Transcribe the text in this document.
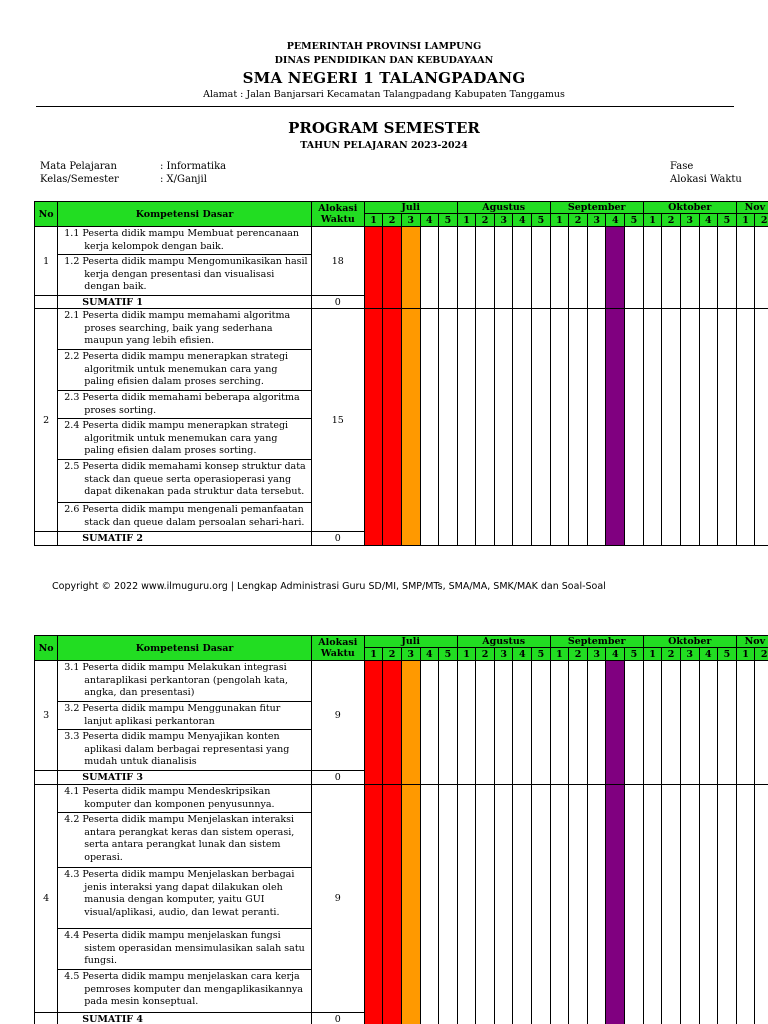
PEMERINTAH PROVINSI LAMPUNG
DINAS PENDIDIKAN DAN KEBUDAYAAN
SMA NEGERI 1 TALANGPADANG
Alamat : Jalan Banjarsari Kecamatan Talangpadang Kabupaten Tanggamus
PROGRAM SEMESTER
TAHUN PELAJARAN 2023-2024
Mata Pelajaran	: Informatika
Kelas/Semester	: X/Ganjil
Fase
Alokasi Waktu
No	Kompetensi Dasar	Alokasi Waktu	Juli					Agustus					September					Oktober					Nov	
			1	2	3	4	5	1	2	3	4	5	1	2	3	4	5	1	2	3	4	5	1	2
1	1.1 Peserta didik mampu Membuat perencanaan kerja kelompok dengan baik.	18																						
	1.2 Peserta didik mampu Mengomunikasikan hasil kerja dengan presentasi dan visualisasi dengan baik.																							
	SUMATIF 1	0																						
2	2.1 Peserta didik mampu memahami algoritma proses searching, baik yang sederhana maupun yang lebih efisien.	15																						
	2.2 Peserta didik mampu menerapkan strategi algoritmik untuk menemukan cara yang paling efisien dalam proses serching.																							
	2.3 Peserta didik memahami beberapa algoritma proses sorting.																							
	2.4 Peserta didik mampu menerapkan strategi algoritmik untuk menemukan cara yang paling efisien dalam proses sorting.																							
	2.5 Peserta didik memahami konsep struktur data stack dan queue serta operasioperasi yang dapat dikenakan pada struktur data tersebut.																							
	2.6 Peserta didik mampu mengenali pemanfaatan stack dan queue dalam persoalan sehari-hari.																							
	SUMATIF 2	0																						
Copyright © 2022 www.ilmuguru.org | Lengkap Administrasi Guru SD/MI, SMP/MTs, SMA/MA, SMK/MAK dan Soal-Soal
No	Kompetensi Dasar	Alokasi Waktu	Juli					Agustus					September					Oktober					Nov	
			1	2	3	4	5	1	2	3	4	5	1	2	3	4	5	1	2	3	4	5	1	2
3	3.1 Peserta didik mampu Melakukan integrasi antaraplikasi perkantoran (pengolah kata, angka, dan presentasi)	9																						
	3.2 Peserta didik mampu Menggunakan fitur lanjut aplikasi perkantoran																							
	3.3 Peserta didik mampu Menyajikan konten aplikasi dalam berbagai representasi yang mudah untuk dianalisis																							
	SUMATIF 3	0																						
4	4.1 Peserta didik mampu Mendeskripsikan komputer dan komponen penyusunnya.	9																						
	4.2 Peserta didik mampu Menjelaskan interaksi antara perangkat keras dan sistem operasi, serta antara perangkat lunak dan sistem operasi.																							
	4.3 Peserta didik mampu Menjelaskan berbagai jenis interaksi yang dapat dilakukan oleh manusia dengan komputer, yaitu GUI visual/aplikasi, audio, dan lewat peranti.																							
	4.4 Peserta didik mampu menjelaskan fungsi sistem operasidan mensimulasikan salah satu fungsi.																							
	4.5 Peserta didik mampu menjelaskan cara kerja pemroses komputer dan mengaplikasikannya pada mesin konseptual.																							
	SUMATIF 4	0																						
